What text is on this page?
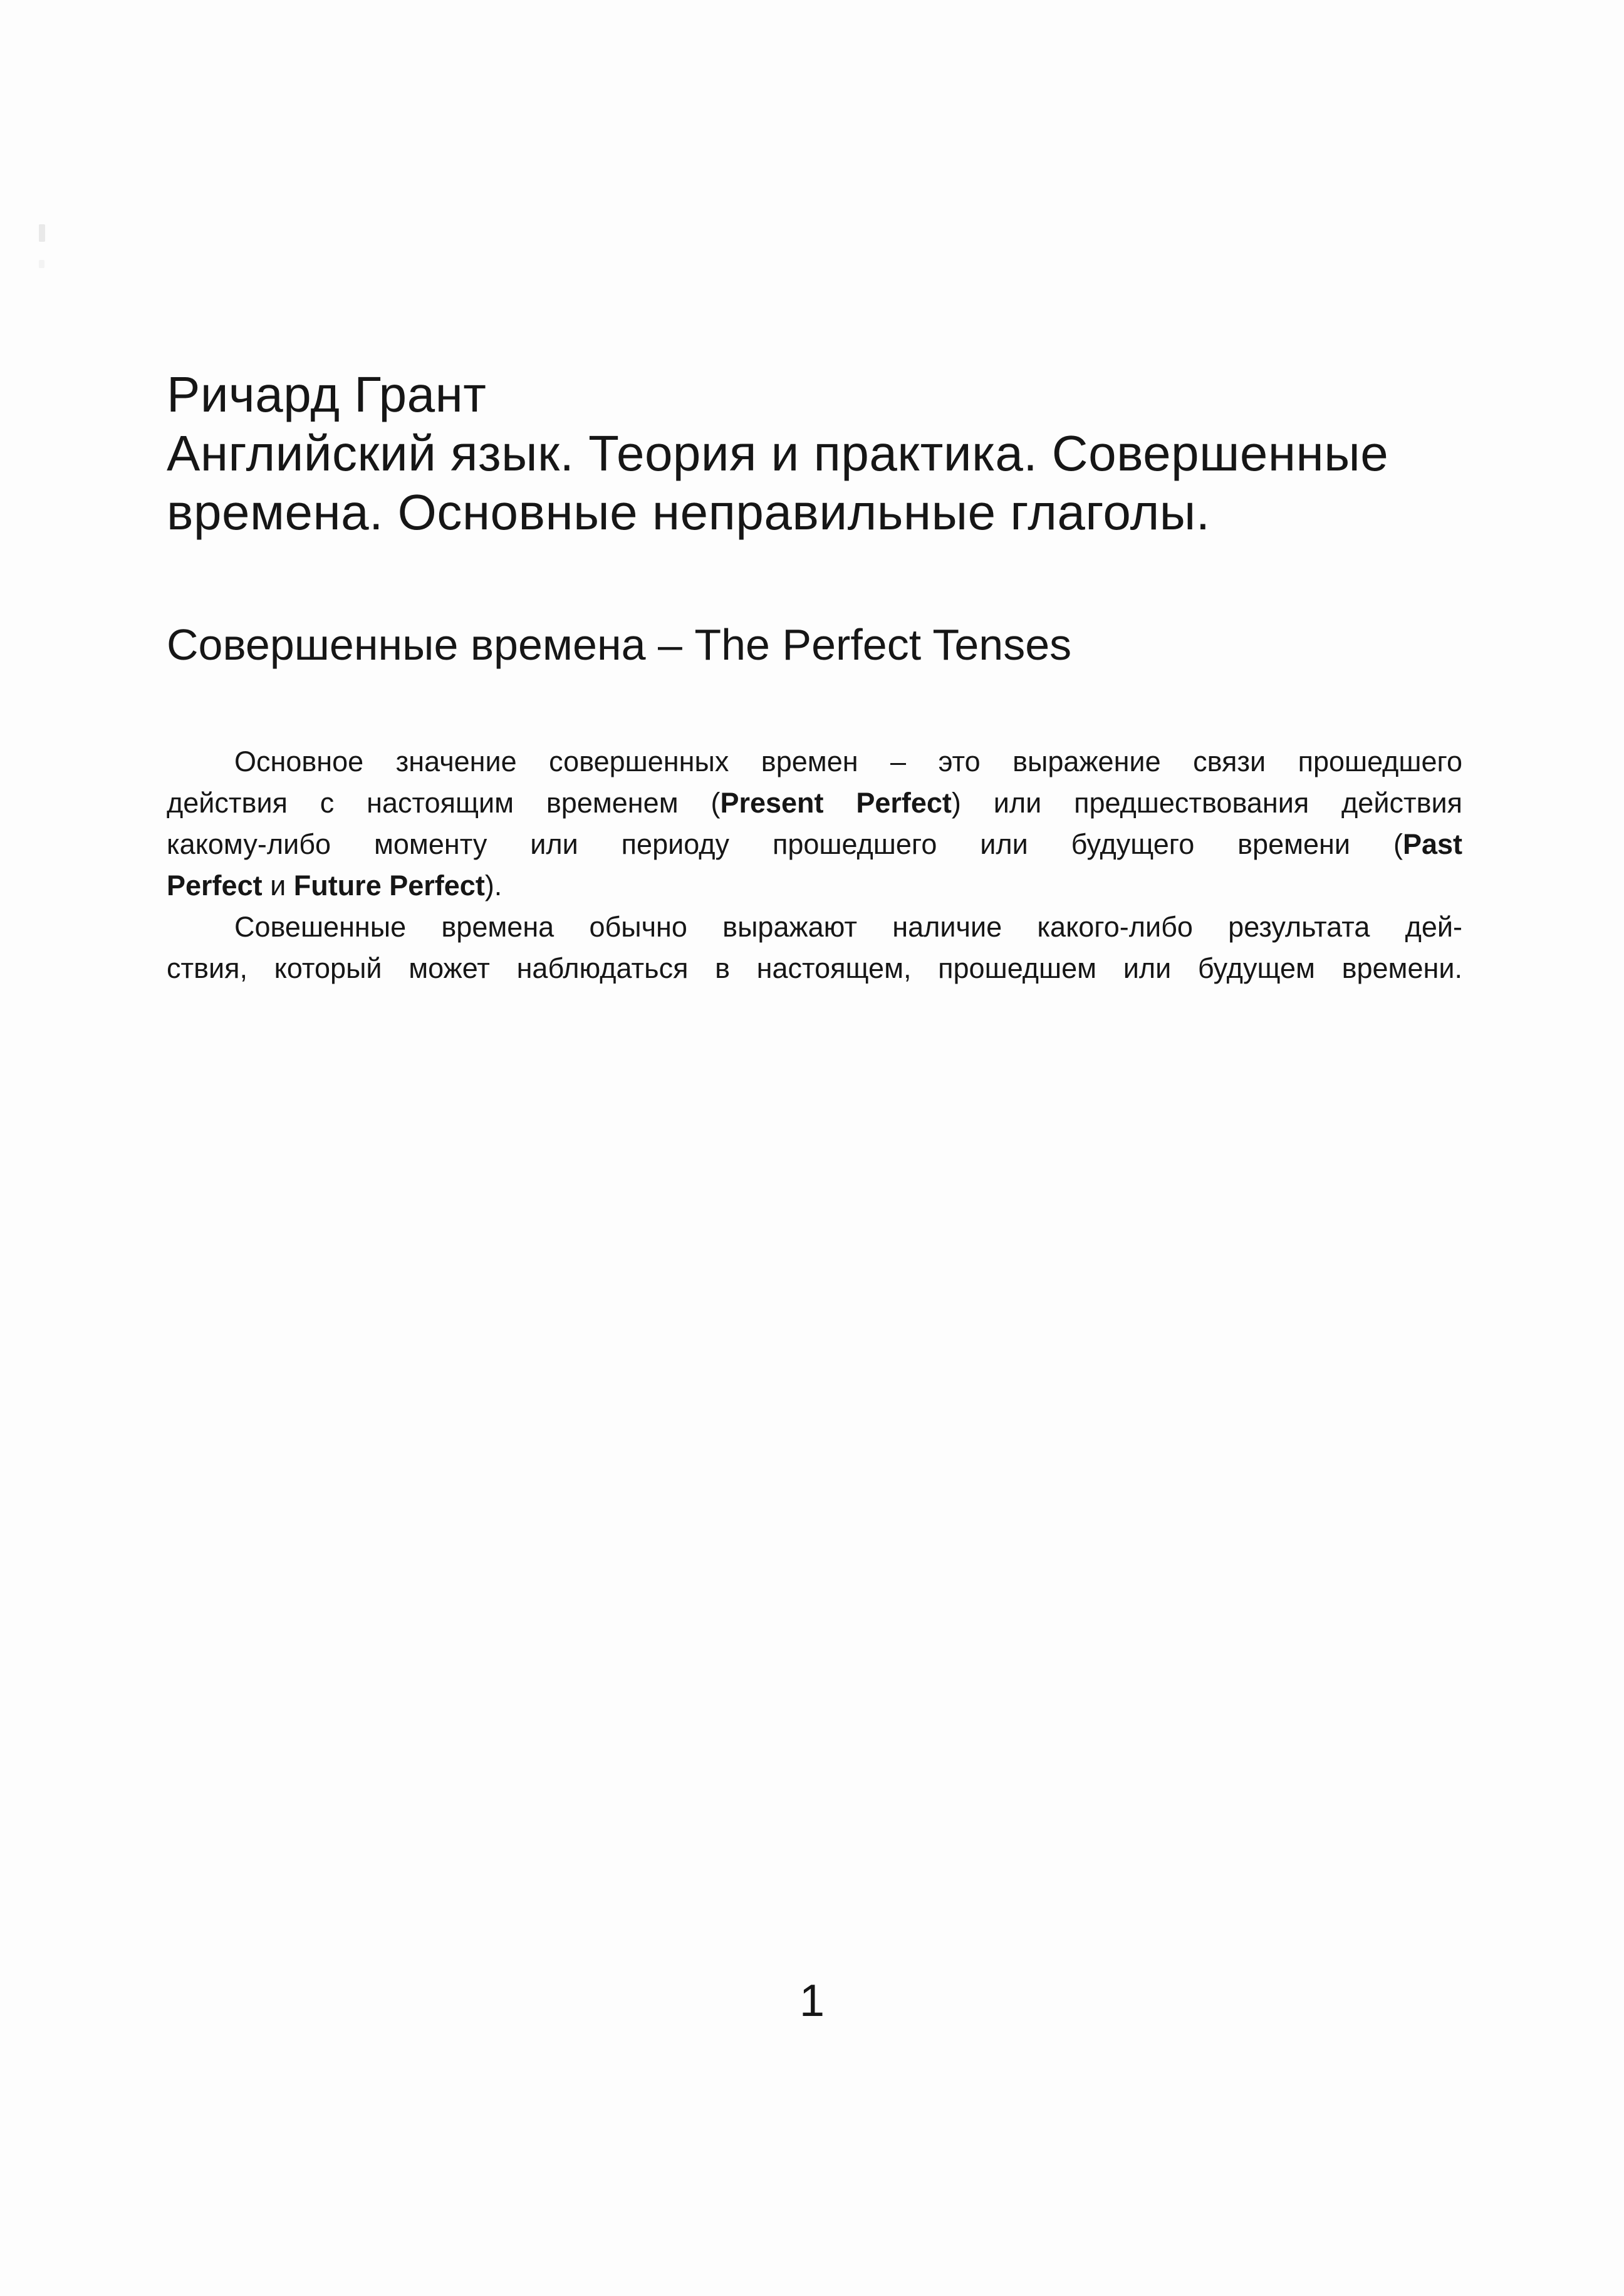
Ричард Грант
Английский язык. Теория и практика. Совершенные
времена. Основные неправильные глаголы.
Совершенные времена – The Perfect Tenses
Основное значение совершенных времен – это выражение связи прошедшего
действия с настоящим временем (Present Perfect) или предшествования действия
какому-либо моменту или периоду прошедшего или будущего времени (Past
Perfect и Future Perfect).
Совешенные времена обычно выражают наличие какого-либо результата дей-
ствия, который может наблюдаться в настоящем, прошедшем или будущем времени.
1
